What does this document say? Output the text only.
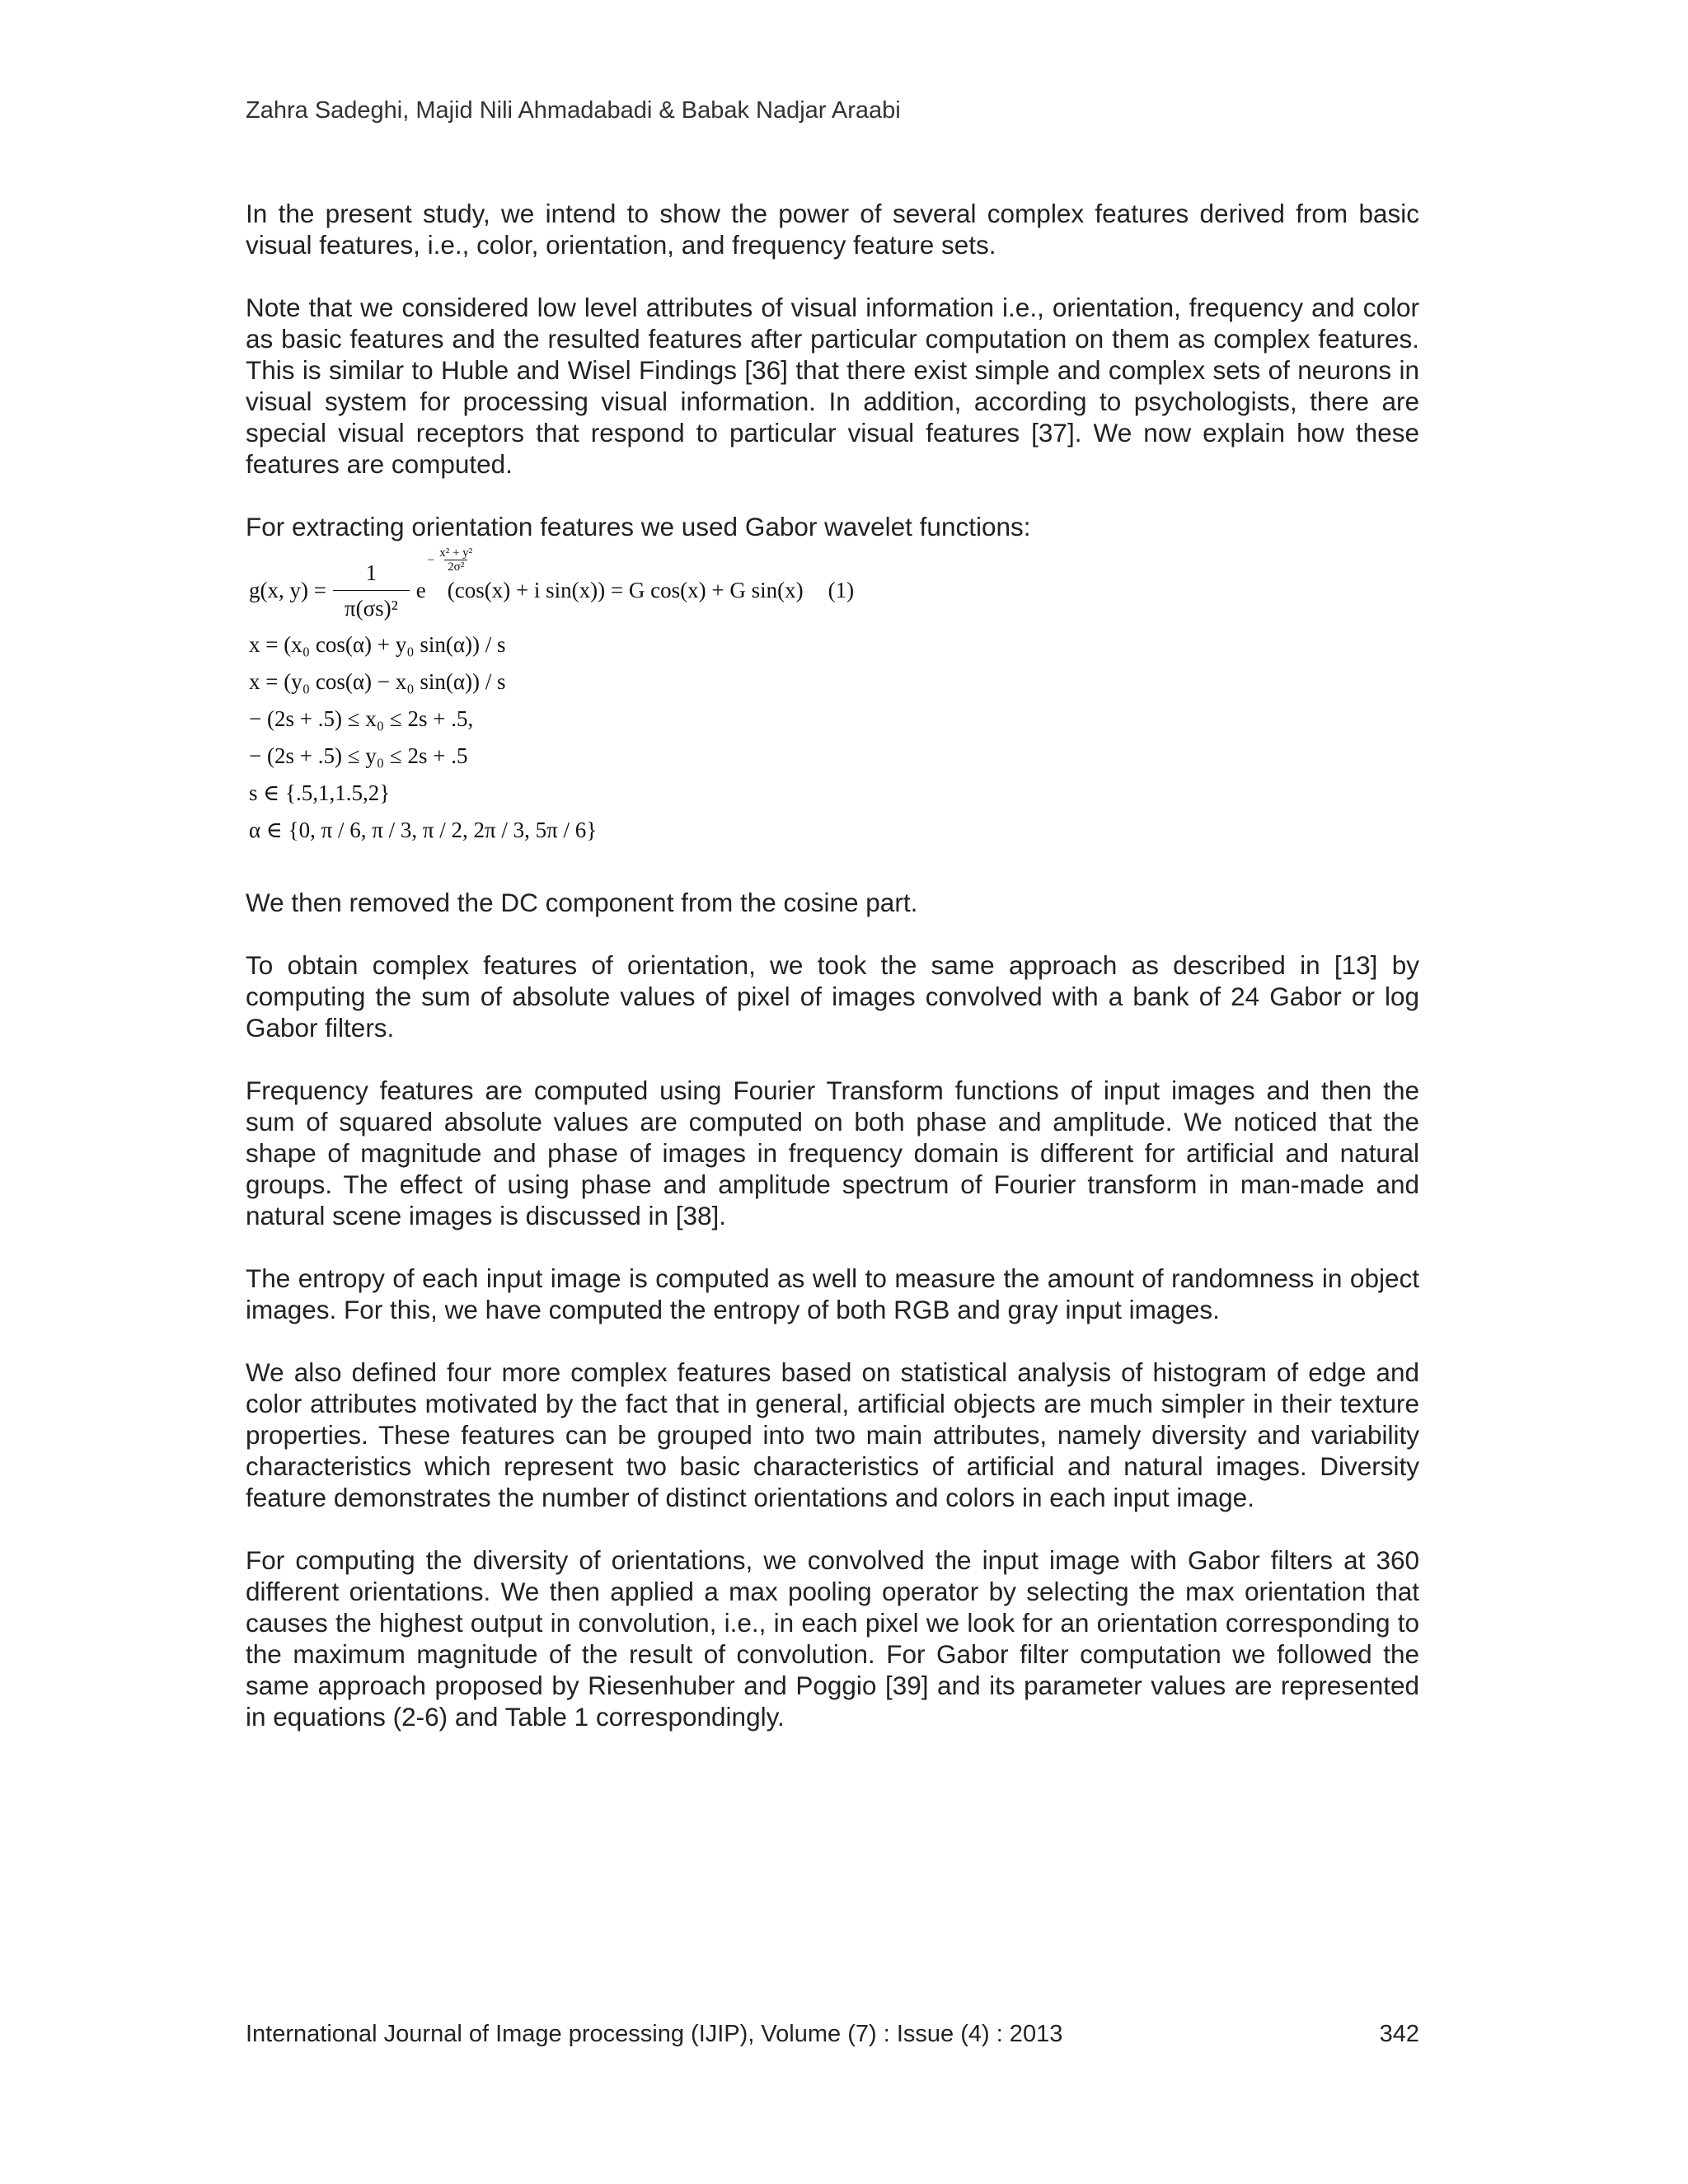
Zahra Sadeghi, Majid Nili Ahmadabadi & Babak Nadjar Araabi

In the present study, we intend to show the power of several complex features derived from basic visual features, i.e., color, orientation, and frequency feature sets.

Note that we considered low level attributes of visual information i.e., orientation, frequency and color as basic features and the resulted features after particular computation on them as complex features. This is similar to Huble and Wisel Findings [36] that there exist simple and complex sets of neurons in visual system for processing visual information. In addition, according to psychologists, there are special visual receptors that respond to particular visual features [37]. We now explain how these features are computed.

For extracting orientation features we used Gabor wavelet functions:

g(x, $y) = \frac{1}{\text{π(σs)²}}$ e
− $\frac{\text{x² + y²}}{\text{2σ²}}$
(cos(x) + i sin(x)) = G cos(x) + G sin(x) (1)
x = (x₀ cos(α) + y₀ sin(α)) / s
x = (y₀ cos(α) − x₀ sin(α)) / s
− (2s + .5) ≤ x₀ ≤ 2s + .5,
− (2s + .5) ≤ y₀ ≤ 2s + .5
s ∈ {.5,1,1.5,2}
α ∈ {0, π / 6, π / 3, π / 2, 2π / 3, 5π / 6}

We then removed the DC component from the cosine part.

To obtain complex features of orientation, we took the same approach as described in [13] by computing the sum of absolute values of pixel of images convolved with a bank of 24 Gabor or log Gabor filters.

Frequency features are computed using Fourier Transform functions of input images and then the sum of squared absolute values are computed on both phase and amplitude. We noticed that the shape of magnitude and phase of images in frequency domain is different for artificial and natural groups. The effect of using phase and amplitude spectrum of Fourier transform in man-made and natural scene images is discussed in [38].

The entropy of each input image is computed as well to measure the amount of randomness in object images. For this, we have computed the entropy of both RGB and gray input images.

We also defined four more complex features based on statistical analysis of histogram of edge and color attributes motivated by the fact that in general, artificial objects are much simpler in their texture properties. These features can be grouped into two main attributes, namely diversity and variability characteristics which represent two basic characteristics of artificial and natural images. Diversity feature demonstrates the number of distinct orientations and colors in each input image.

For computing the diversity of orientations, we convolved the input image with Gabor filters at 360 different orientations. We then applied a max pooling operator by selecting the max orientation that causes the highest output in convolution, i.e., in each pixel we look for an orientation corresponding to the maximum magnitude of the result of convolution. For Gabor filter computation we followed the same approach proposed by Riesenhuber and Poggio [39] and its parameter values are represented in equations (2-6) and Table 1 correspondingly.

International Journal of Image processing (IJIP), Volume (7) : Issue (4) : 2013	342
